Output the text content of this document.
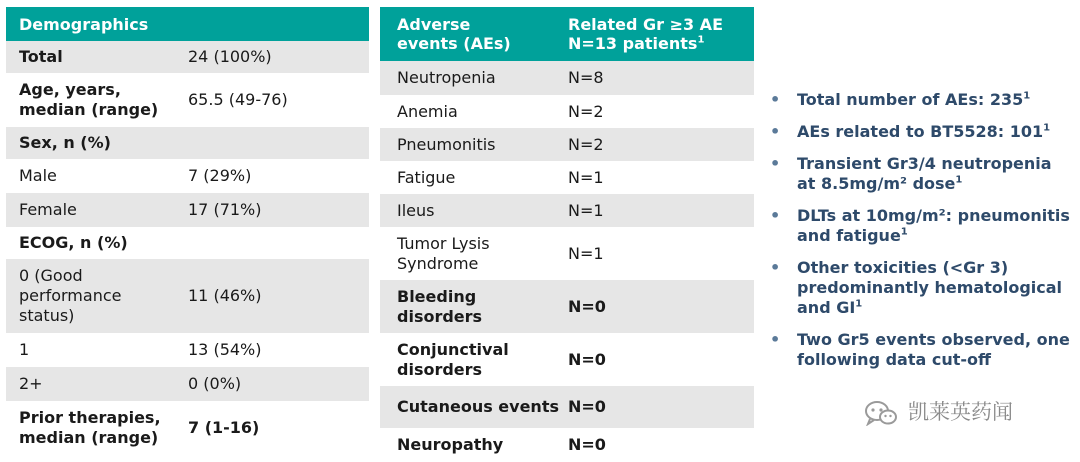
Demographics	
Total	24 (100%)
Age, years,
median (range)	65.5 (49-76)
Sex, n (%)	
Male	7 (29%)
Female	17 (71%)
ECOG, n (%)	
0 (Good
performance
status)	11 (46%)
1	13 (54%)
2+	0 (0%)
Prior therapies,
median (range)	7 (1-16)
Adverse
events (AEs)	Related Gr ≥3 AE
N=13 patients$^1$
Neutropenia	N=8
Anemia	N=2
Pneumonitis	N=2
Fatigue	N=1
Ileus	N=1
Tumor Lysis
Syndrome	N=1
Bleeding
disorders	N=0
Conjunctival
disorders	N=0
Cutaneous events	N=0
Neuropathy	N=0
• Total number of AEs: $235^1$
• AEs related to BT5528: $101^1$
• Transient Gr3/4 neutropenia at 8.5mg/m² dose$^1$
• DLTs at 10mg/m²: pneumonitis and fatigue$^1$
• Other toxicities (<Gr 3) predominantly hematological and $GI^1$
• Two Gr5 events observed, one following data cut-off
凯莱英药闻
